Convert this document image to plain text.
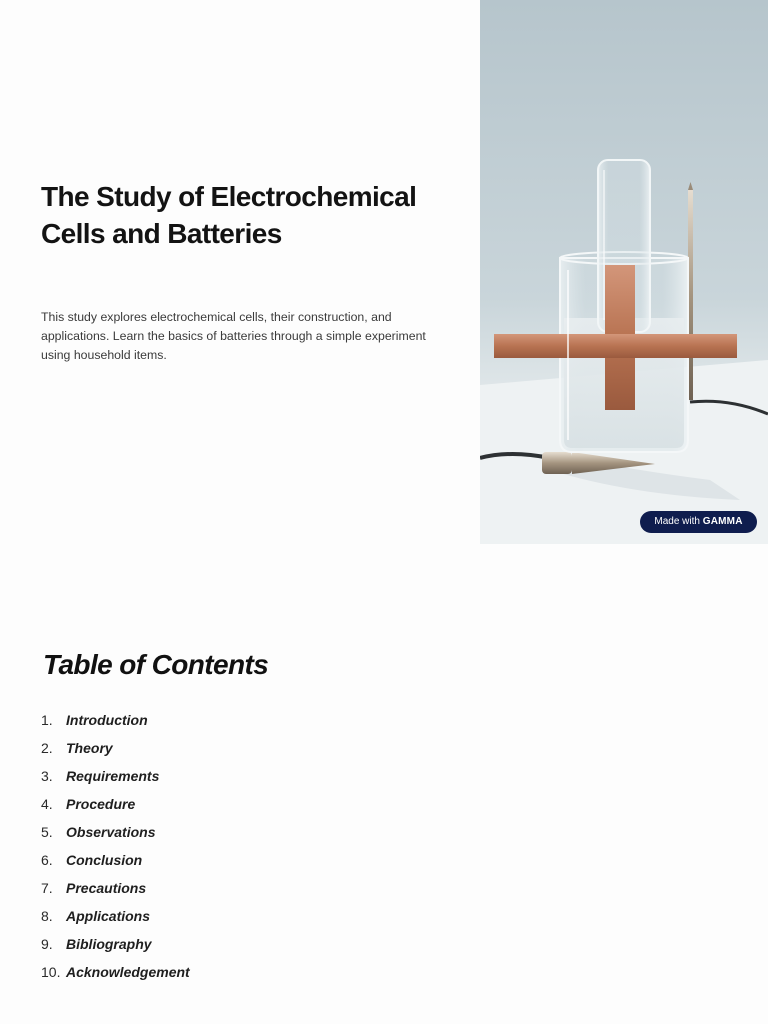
The Study of Electrochemical Cells and Batteries

This study explores electrochemical cells, their construction, and applications. Learn the basics of batteries through a simple experiment using household items.

Made with GAMMA
Table of Contents
1. Introduction
2. Theory
3. Requirements
4. Procedure
5. Observations
6. Conclusion
7. Precautions
8. Applications
9. Bibliography
10. Acknowledgement
